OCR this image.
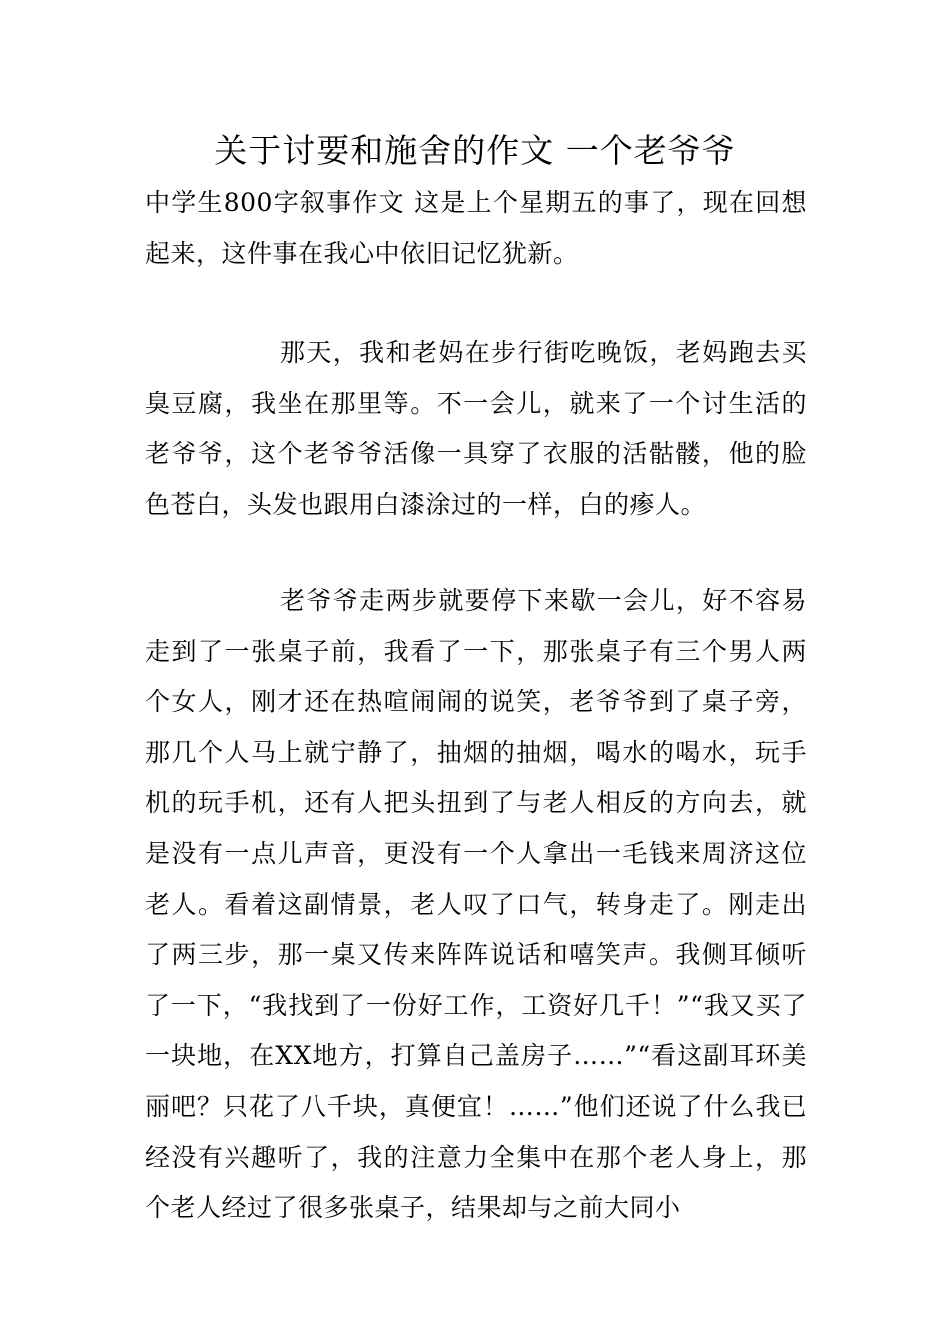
关于讨要和施舍的作文 一个老爷爷

中学生800字叙事作文 这是上个星期五的事了，现在回想起来，这件事在我心中依旧记忆犹新。

那天，我和老妈在步行街吃晚饭，老妈跑去买臭豆腐，我坐在那里等。不一会儿，就来了一个讨生活的老爷爷，这个老爷爷活像一具穿了衣服的活骷髅，他的脸色苍白，头发也跟用白漆涂过的一样，白的瘆人。

老爷爷走两步就要停下来歇一会儿，好不容易走到了一张桌子前，我看了一下，那张桌子有三个男人两个女人，刚才还在热喧闹闹的说笑，老爷爷到了桌子旁，那几个人马上就宁静了，抽烟的抽烟，喝水的喝水，玩手机的玩手机，还有人把头扭到了与老人相反的方向去，就是没有一点儿声音，更没有一个人拿出一毛钱来周济这位老人。看着这副情景，老人叹了口气，转身走了。刚走出了两三步，那一桌又传来阵阵说话和嘻笑声。我侧耳倾听了一下，“我找到了一份好工作，工资好几千！”“我又买了一块地，在XX地方，打算自己盖房子……”“看这副耳环美丽吧？只花了八千块，真便宜！……”他们还说了什么我已经没有兴趣听了，我的注意力全集中在那个老人身上，那个老人经过了很多张桌子，结果却与之前大同小
